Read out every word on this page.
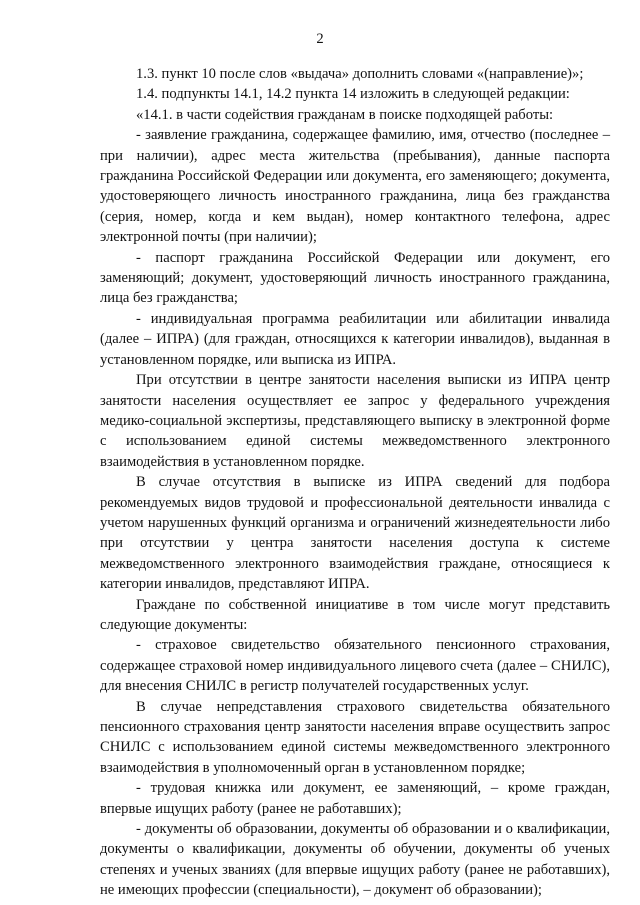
2

1.3. пункт 10 после слов «выдача» дополнить словами «(направление)»;

1.4. подпункты 14.1, 14.2 пункта 14 изложить в следующей редакции:

«14.1. в части содействия гражданам в поиске подходящей работы:

- заявление гражданина, содержащее фамилию, имя, отчество (последнее – при наличии), адрес места жительства (пребывания), данные паспорта гражданина Российской Федерации или документа, его заменяющего; документа, удостоверяющего личность иностранного гражданина, лица без гражданства (серия, номер, когда и кем выдан), номер контактного телефона, адрес электронной почты (при наличии);

- паспорт гражданина Российской Федерации или документ, его заменяющий; документ, удостоверяющий личность иностранного гражданина, лица без гражданства;

- индивидуальная программа реабилитации или абилитации инвалида (далее – ИПРА) (для граждан, относящихся к категории инвалидов), выданная в установленном порядке, или выписка из ИПРА.

При отсутствии в центре занятости населения выписки из ИПРА центр занятости населения осуществляет ее запрос у федерального учреждения медико-социальной экспертизы, представляющего выписку в электронной форме с использованием единой системы межведомственного электронного взаимодействия в установленном порядке.

В случае отсутствия в выписке из ИПРА сведений для подбора рекомендуемых видов трудовой и профессиональной деятельности инвалида с учетом нарушенных функций организма и ограничений жизнедеятельности либо при отсутствии у центра занятости населения доступа к системе межведомственного электронного взаимодействия граждане, относящиеся к категории инвалидов, представляют ИПРА.

Граждане по собственной инициативе в том числе могут представить следующие документы:

- страховое свидетельство обязательного пенсионного страхования, содержащее страховой номер индивидуального лицевого счета (далее – СНИЛС), для внесения СНИЛС в регистр получателей государственных услуг.

В случае непредставления страхового свидетельства обязательного пенсионного страхования центр занятости населения вправе осуществить запрос СНИЛС с использованием единой системы межведомственного электронного взаимодействия в уполномоченный орган в установленном порядке;

- трудовая книжка или документ, ее заменяющий, – кроме граждан, впервые ищущих работу (ранее не работавших);

- документы об образовании, документы об образовании и о квалификации, документы о квалификации, документы об обучении, документы об ученых степенях и ученых званиях (для впервые ищущих работу (ранее не работавших), не имеющих профессии (специальности), – документ об образовании);
